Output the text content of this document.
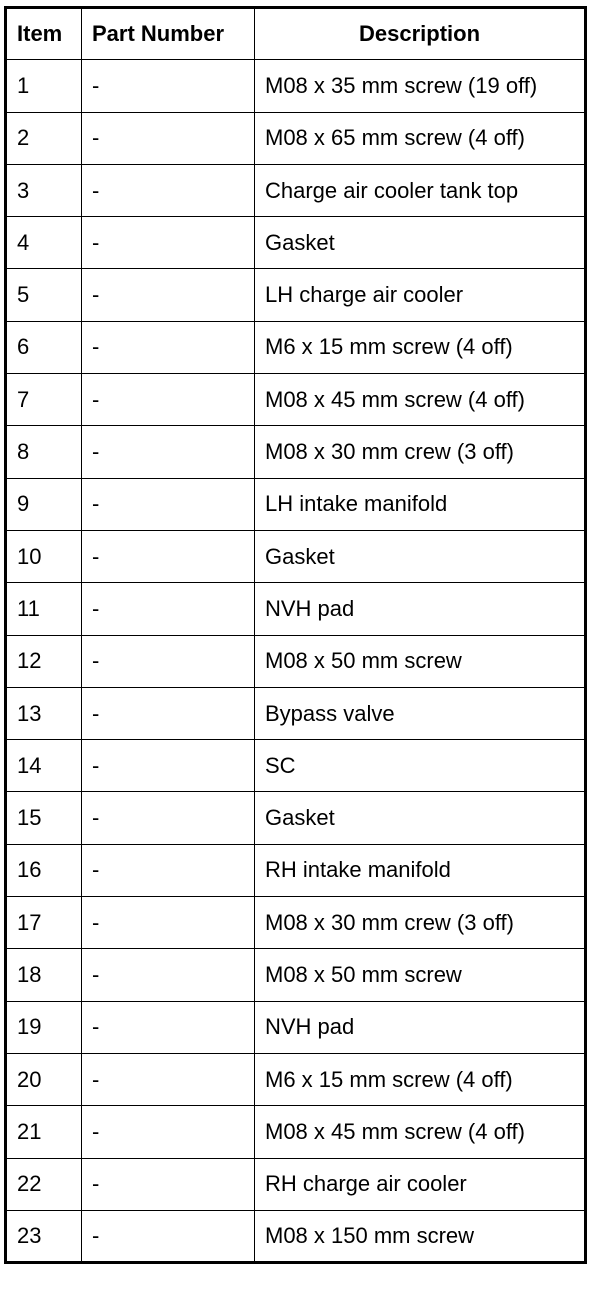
Item	Part Number	Description
1	-	M08 x 35 mm screw (19 off)
2	-	M08 x 65 mm screw (4 off)
3	-	Charge air cooler tank top
4	-	Gasket
5	-	LH charge air cooler
6	-	M6 x 15 mm screw (4 off)
7	-	M08 x 45 mm screw (4 off)
8	-	M08 x 30 mm crew (3 off)
9	-	LH intake manifold
10	-	Gasket
11	-	NVH pad
12	-	M08 x 50 mm screw
13	-	Bypass valve
14	-	SC
15	-	Gasket
16	-	RH intake manifold
17	-	M08 x 30 mm crew (3 off)
18	-	M08 x 50 mm screw
19	-	NVH pad
20	-	M6 x 15 mm screw (4 off)
21	-	M08 x 45 mm screw (4 off)
22	-	RH charge air cooler
23	-	M08 x 150 mm screw
